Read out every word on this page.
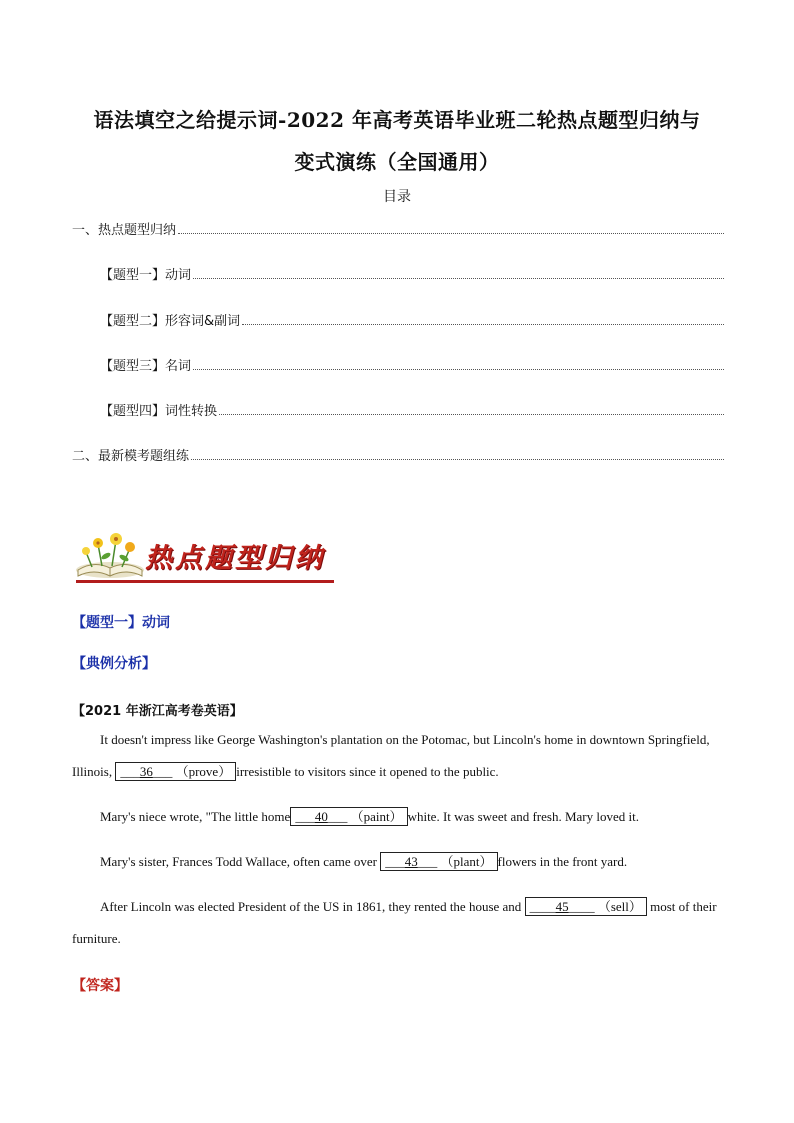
语法填空之给提示词-2022 年高考英语毕业班二轮热点题型归纳与
变式演练（全国通用）
目录
一、热点题型归纳
【题型一】动词
【题型二】形容词&副词
【题型三】名词
【题型四】词性转换
二、最新模考题组练
热点题型归纳
【题型一】动词
【典例分析】
【2021 年浙江高考卷英语】
It doesn't impress like George Washington's plantation on the Potomac, but Lincoln's home in downtown Springfield, Illinois, ___36___ （prove） irresistible to visitors since it opened to the public.
Mary's niece wrote, "The little home ___40___ （paint） white. It was sweet and fresh. Mary loved it.
Mary's sister, Frances Todd Wallace, often came over ___43___ （plant） flowers in the front yard.
After Lincoln was elected President of the US in 1861, they rented the house and ____45____ （sell） most of their furniture.
【答案】
